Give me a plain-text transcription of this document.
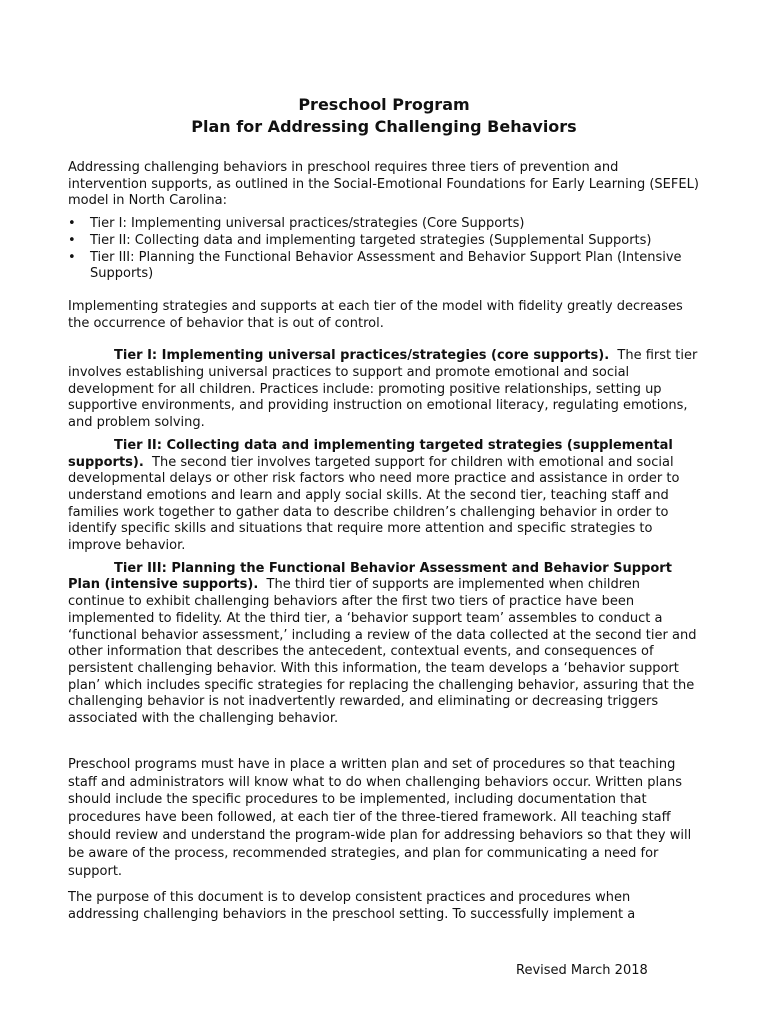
Preschool Program

Plan for Addressing Challenging Behaviors

Addressing challenging behaviors in preschool requires three tiers of prevention and intervention supports, as outlined in the Social-Emotional Foundations for Early Learning (SEFEL) model in North Carolina:

• Tier I: Implementing universal practices/strategies (Core Supports)
• Tier II: Collecting data and implementing targeted strategies (Supplemental Supports)
• Tier III: Planning the Functional Behavior Assessment and Behavior Support Plan (Intensive Supports)

Implementing strategies and supports at each tier of the model with fidelity greatly decreases the occurrence of behavior that is out of control.

Tier I: Implementing universal practices/strategies (core supports). The first tier involves establishing universal practices to support and promote emotional and social development for all children. Practices include: promoting positive relationships, setting up supportive environments, and providing instruction on emotional literacy, regulating emotions, and problem solving.

Tier II: Collecting data and implementing targeted strategies (supplemental supports). The second tier involves targeted support for children with emotional and social developmental delays or other risk factors who need more practice and assistance in order to understand emotions and learn and apply social skills. At the second tier, teaching staff and families work together to gather data to describe children’s challenging behavior in order to identify specific skills and situations that require more attention and specific strategies to improve behavior.

Tier III: Planning the Functional Behavior Assessment and Behavior Support Plan (intensive supports). The third tier of supports are implemented when children continue to exhibit challenging behaviors after the first two tiers of practice have been implemented to fidelity. At the third tier, a ‘behavior support team’ assembles to conduct a ‘functional behavior assessment,’ including a review of the data collected at the second tier and other information that describes the antecedent, contextual events, and consequences of persistent challenging behavior. With this information, the team develops a ‘behavior support plan’ which includes specific strategies for replacing the challenging behavior, assuring that the challenging behavior is not inadvertently rewarded, and eliminating or decreasing triggers associated with the challenging behavior.

Preschool programs must have in place a written plan and set of procedures so that teaching staff and administrators will know what to do when challenging behaviors occur. Written plans should include the specific procedures to be implemented, including documentation that procedures have been followed, at each tier of the three-tiered framework. All teaching staff should review and understand the program-wide plan for addressing behaviors so that they will be aware of the process, recommended strategies, and plan for communicating a need for support.

The purpose of this document is to develop consistent practices and procedures when addressing challenging behaviors in the preschool setting. To successfully implement a

Revised March 2018
